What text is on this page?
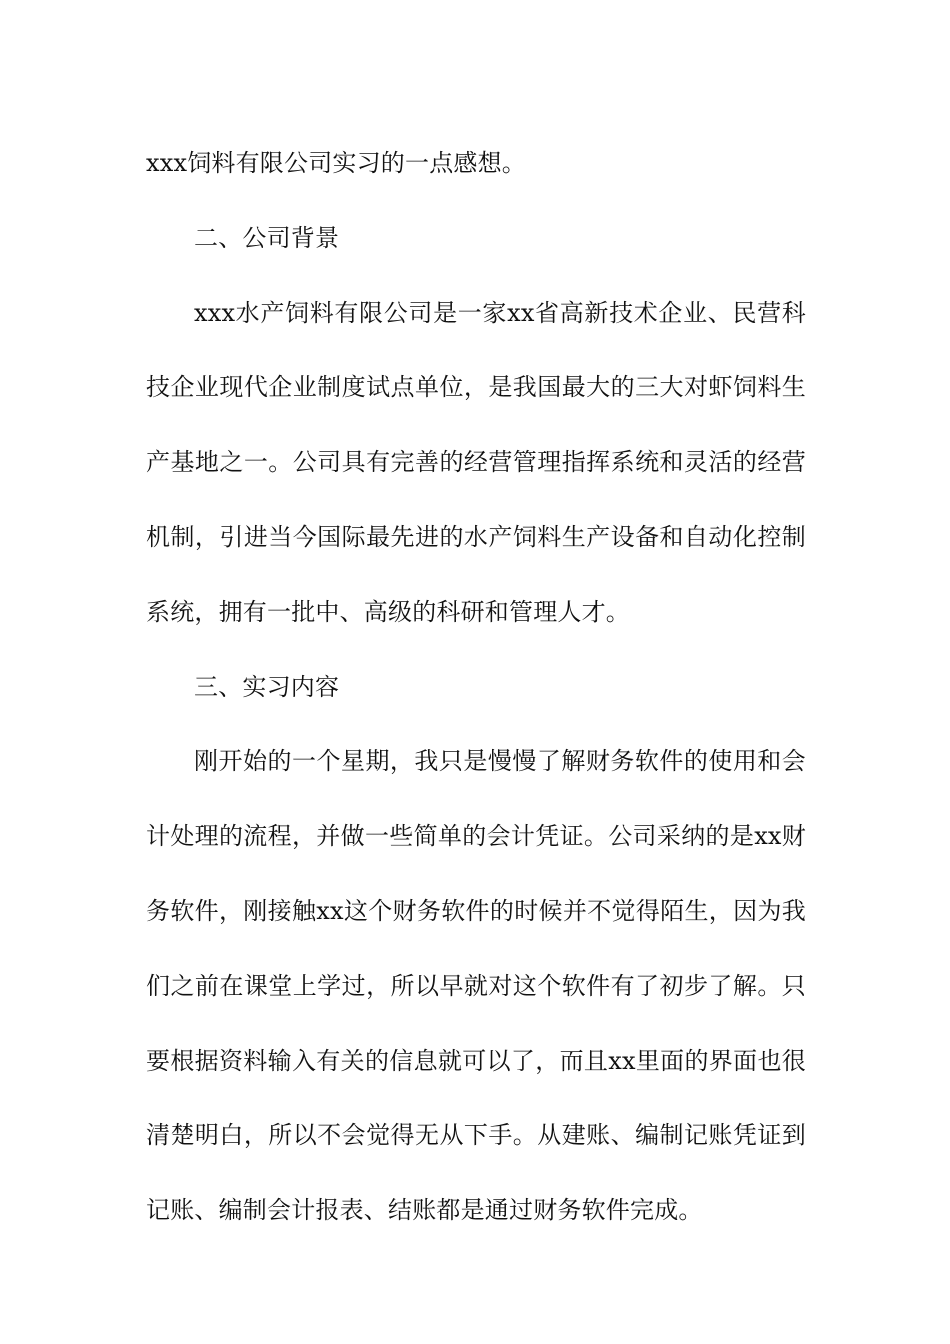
xxx饲料有限公司实习的一点感想。
二、公司背景
xxx水产饲料有限公司是一家xx省高新技术企业、民营科
技企业现代企业制度试点单位，是我国最大的三大对虾饲料生
产基地之一。公司具有完善的经营管理指挥系统和灵活的经营
机制，引进当今国际最先进的水产饲料生产设备和自动化控制
系统，拥有一批中、高级的科研和管理人才。
三、实习内容
刚开始的一个星期，我只是慢慢了解财务软件的使用和会
计处理的流程，并做一些简单的会计凭证。公司采纳的是xx财
务软件，刚接触xx这个财务软件的时候并不觉得陌生，因为我
们之前在课堂上学过，所以早就对这个软件有了初步了解。只
要根据资料输入有关的信息就可以了，而且xx里面的界面也很
清楚明白，所以不会觉得无从下手。从建账、编制记账凭证到
记账、编制会计报表、结账都是通过财务软件完成。
